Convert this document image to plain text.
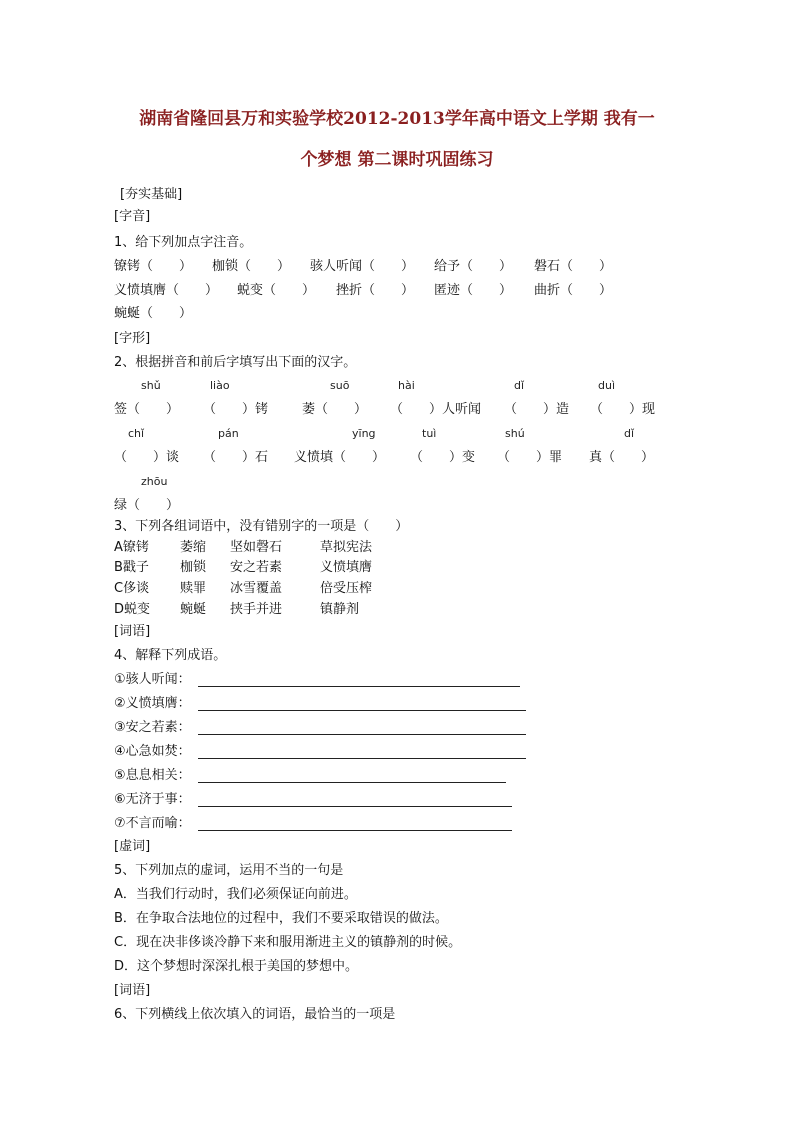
湖南省隆回县万和实验学校2012-2013学年高中语文上学期 我有一
个梦想 第二课时巩固练习
[夯实基础]
[字音]
1、给下列加点字注音。
镣铐（　　） 枷锁（　　） 骇人听闻（　　） 给予（　　） 磐石（　　）
义愤填膺（　　） 蜕变（　　） 挫折（　　） 匿迹（　　） 曲折（　　）
蜿蜒（　　）
[字形]
2、根据拼音和前后字填写出下面的汉字。
shǔ	liào	suō	hài	dǐ	duì
签（　　） （　　）铐	萎（　　） （　　）人听闻 （　　）造 （　　）现
chǐ	pán	yīng	tuì	shú	dǐ
（　　）谈 （　　）石 义愤填（　　） （　　）变 （　　）罪 真（　　）
zhōu
绿（　　）
3、下列各组词语中，没有错别字的一项是（　　）
A镣铐 萎缩 坚如磬石	草拟宪法
B戳子 枷锁 安之若素	义愤填膺
C侈谈 赎罪 冰雪覆盖	倍受压榨
D蜕变 蜿蜒 挟手并进	镇静剂
[词语]
4、解释下列成语。
①骇人听闻：
②义愤填膺：
③安之若素：
④心急如焚：
⑤息息相关：
⑥无济于事：
⑦不言而喻：
[虚词]
5、下列加点的虚词，运用不当的一句是
A．当我们行动时，我们必须保证向前进。
B．在争取合法地位的过程中，我们不要采取错误的做法。
C．现在决非侈谈冷静下来和服用渐进主义的镇静剂的时候。
D．这个梦想时深深扎根于美国的梦想中。
[词语]
6、下列横线上依次填入的词语，最恰当的一项是
